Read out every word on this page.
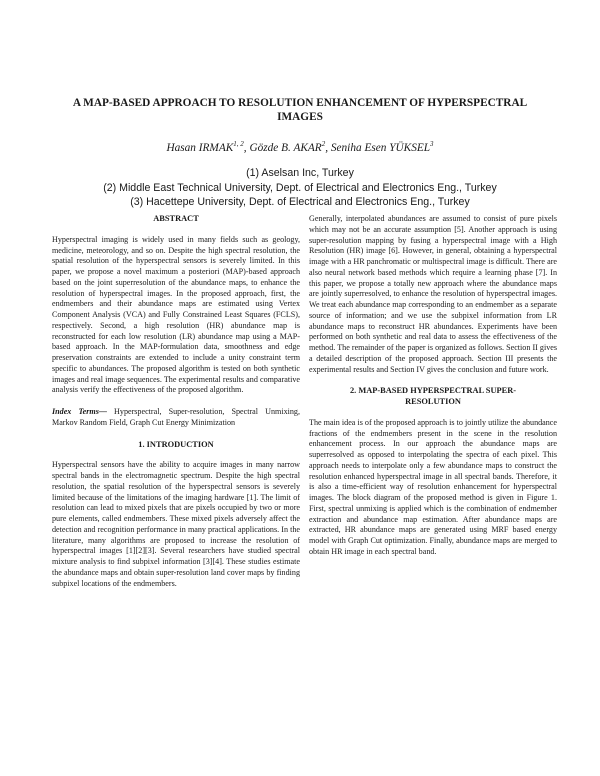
A MAP-BASED APPROACH TO RESOLUTION ENHANCEMENT OF HYPERSPECTRAL IMAGES
Hasan IRMAK$^{1, 2}$, Gözde B. AKAR$^2$, Seniha Esen YÜKSEL$^3$
(1) Aselsan Inc, Turkey
(2) Middle East Technical University, Dept. of Electrical and Electronics Eng., Turkey
(3) Hacettepe University, Dept. of Electrical and Electronics Eng., Turkey
ABSTRACT

Hyperspectral imaging is widely used in many fields such as geology, medicine, meteorology, and so on. Despite the high spectral resolution, the spatial resolution of the hyperspectral sensors is severely limited. In this paper, we propose a novel maximum a posteriori (MAP)-based approach based on the joint superresolution of the abundance maps, to enhance the resolution of hyperspectral images. In the proposed approach, first, the endmembers and their abundance maps are estimated using Vertex Component Analysis (VCA) and Fully Constrained Least Squares (FCLS), respectively. Second, a high resolution (HR) abundance map is reconstructed for each low resolution (LR) abundance map using a MAP-based approach. In the MAP-formulation data, smoothness and edge preservation constraints are extended to include a unity constraint term specific to abundances. The proposed algorithm is tested on both synthetic images and real image sequences. The experimental results and comparative analysis verify the effectiveness of the proposed algorithm.

Index Terms— Hyperspectral, Super-resolution, Spectral Unmixing, Markov Random Field, Graph Cut Energy Minimization

1. INTRODUCTION

Hyperspectral sensors have the ability to acquire images in many narrow spectral bands in the electromagnetic spectrum. Despite the high spectral resolution, the spatial resolution of the hyperspectral sensors is severely limited because of the limitations of the imaging hardware [1]. The limit of resolution can lead to mixed pixels that are pixels occupied by two or more pure elements, called endmembers. These mixed pixels adversely affect the detection and recognition performance in many practical applications. In the literature, many algorithms are proposed to increase the resolution of hyperspectral images [1][2][3]. Several researchers have studied spectral mixture analysis to find subpixel information [3][4]. These studies estimate the abundance maps and obtain super-resolution land cover maps by finding subpixel locations of the endmembers.

Generally, interpolated abundances are assumed to consist of pure pixels which may not be an accurate assumption [5]. Another approach is using super-resolution mapping by fusing a hyperspectral image with a High Resolution (HR) image [6]. However, in general, obtaining a hyperspectral image with a HR panchromatic or multispectral image is difficult. There are also neural network based methods which require a learning phase [7]. In this paper, we propose a totally new approach where the abundance maps are jointly superresolved, to enhance the resolution of hyperspectral images. We treat each abundance map corresponding to an endmember as a separate source of information; and we use the subpixel information from LR abundance maps to reconstruct HR abundances. Experiments have been performed on both synthetic and real data to assess the effectiveness of the method. The remainder of the paper is organized as follows. Section II gives a detailed description of the proposed approach. Section III presents the experimental results and Section IV gives the conclusion and future work.

2. MAP-BASED HYPERSPECTRAL SUPER-
RESOLUTION

The main idea is of the proposed approach is to jointly utilize the abundance fractions of the endmembers present in the scene in the resolution enhancement process. In our approach the abundance maps are superresolved as opposed to interpolating the spectra of each pixel. This approach needs to interpolate only a few abundance maps to construct the resolution enhanced hyperspectral image in all spectral bands. Therefore, it is also a time-efficient way of resolution enhancement for hyperspectral images. The block diagram of the proposed method is given in Figure 1. First, spectral unmixing is applied which is the combination of endmember extraction and abundance map estimation. After abundance maps are extracted, HR abundance maps are generated using MRF based energy model with Graph Cut optimization. Finally, abundance maps are merged to obtain HR image in each spectral band.
